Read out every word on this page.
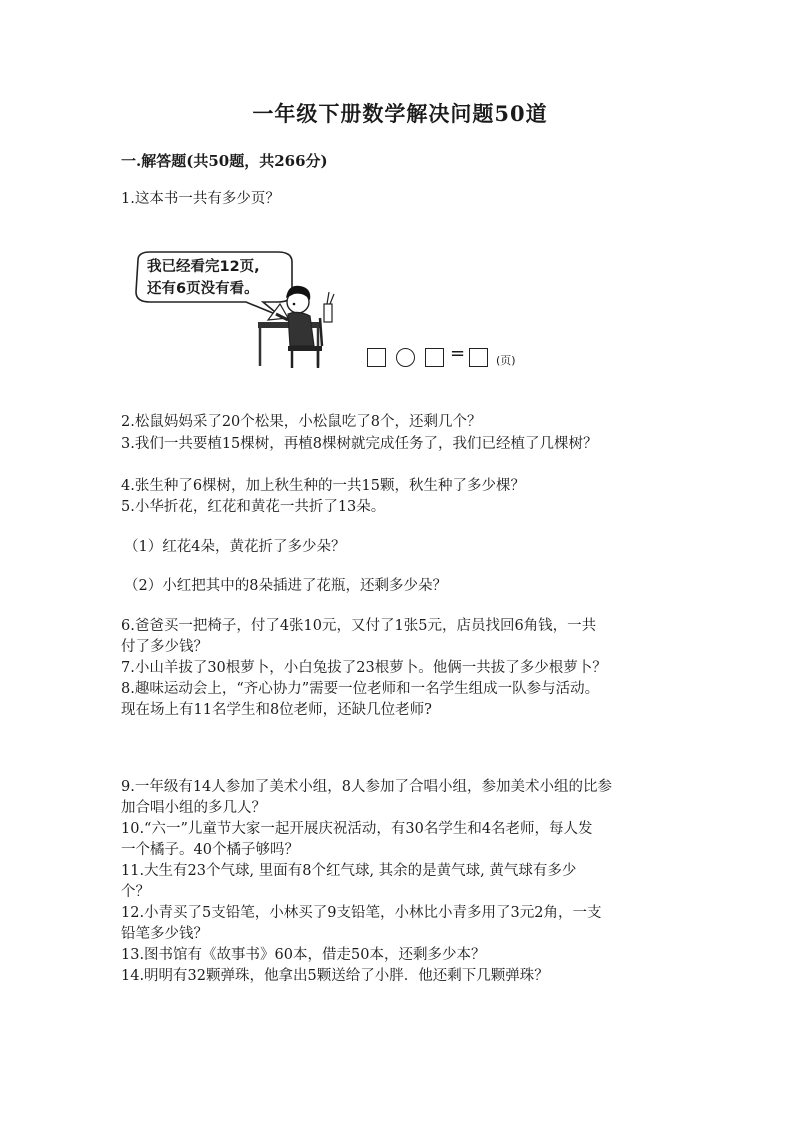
一年级下册数学解决问题50道
一.解答题(共50题，共266分)
1.这本书一共有多少页？
我已经看完12页,
还有6页没有看。
=	(页)
2.松鼠妈妈采了20个松果，小松鼠吃了8个，还剩几个？
3.我们一共要植15棵树，再植8棵树就完成任务了，我们已经植了几棵树？
4.张生种了6棵树，加上秋生种的一共15颗，秋生种了多少棵？
5.小华折花，红花和黄花一共折了13朵。
（1）红花4朵，黄花折了多少朵？
（2）小红把其中的8朵插进了花瓶，还剩多少朵？
6.爸爸买一把椅子，付了4张10元，又付了1张5元，店员找回6角钱，一共
付了多少钱？
7.小山羊拔了30根萝卜，小白兔拔了23根萝卜。他俩一共拔了多少根萝卜？
8.趣味运动会上，“齐心协力”需要一位老师和一名学生组成一队参与活动。
现在场上有11名学生和8位老师，还缺几位老师?
9.一年级有14人参加了美术小组，8人参加了合唱小组，参加美术小组的比参
加合唱小组的多几人？
10.“六一”儿童节大家一起开展庆祝活动，有30名学生和4名老师，每人发
一个橘子。40个橘子够吗？
11.大生有23个气球, 里面有8个红气球, 其余的是黄气球, 黄气球有多少
个？
12.小青买了5支铅笔，小林买了9支铅笔，小林比小青多用了3元2角，一支
铅笔多少钱？
13.图书馆有《故事书》60本，借走50本，还剩多少本？
14.明明有32颗弹珠，他拿出5颗送给了小胖．他还剩下几颗弹珠？
